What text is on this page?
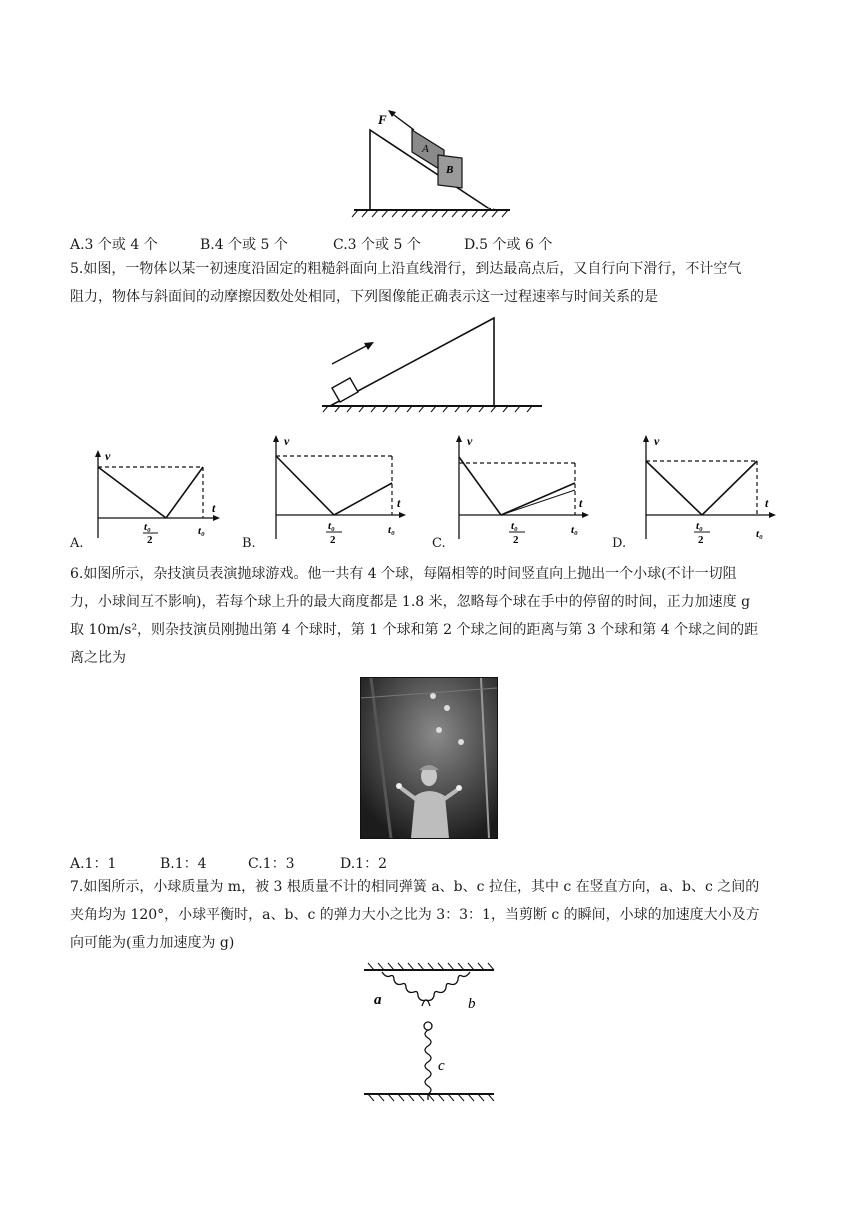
F
A
B
A.3 个或 4 个	B.4 个或 5 个	C.3 个或 5 个	D.5 个或 6 个
5.如图，一物体以某一初速度沿固定的粗糙斜面向上沿直线滑行，到达最高点后，又自行向下滑行，不计空气
阻力，物体与斜面间的动摩擦因数处处相同，下列图像能正确表示这一过程速率与时间关系的是
v
t
t₀
2
t₀
v
t
t₀
2
t₀
v
t
t₀
2
t₀
v
t
t₀
2	t₀
A.	B.	C.	D.
6.如图所示，杂技演员表演抛球游戏。他一共有 4 个球，每隔相等的时间竖直向上抛出一个小球(不计一切阻
力，小球间互不影响)，若每个球上升的最大商度都是 1.8 米，忽略每个球在手中的停留的时间，正力加速度 g
取 10m/s²，则杂技演员刚抛出第 4 个球时，第 1 个球和第 2 个球之间的距离与第 3 个球和第 4 个球之间的距
离之比为
A.1：1	B.1：4	C.1：3	D.1：2
7.如图所示，小球质量为 m，被 3 根质量不计的相同弹簧 a、b、c 拉住，其中 c 在竖直方向，a、b、c 之间的
夹角均为 120°，小球平衡时，a、b、c 的弹力大小之比为 3：3：1，当剪断 c 的瞬间，小球的加速度大小及方
向可能为(重力加速度为 g)
a	b
c
